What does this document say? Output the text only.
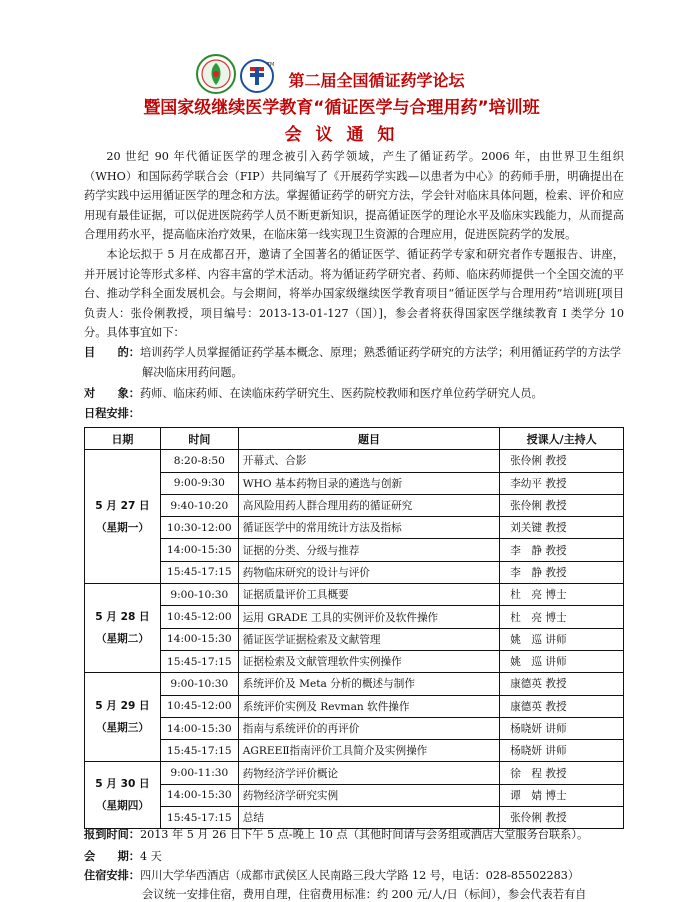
TM
第二届全国循证药学论坛
暨国家级继续医学教育“循证医学与合理用药”培训班
会 议 通 知

20 世纪 90 年代循证医学的理念被引入药学领域，产生了循证药学。2006 年，由世界卫生组织（WHO）和国际药学联合会（FIP）共同编写了《开展药学实践—以患者为中心》的药师手册，明确提出在药学实践中运用循证医学的理念和方法。掌握循证药学的研究方法，学会针对临床具体问题，检索、评价和应用现有最佳证据，可以促进医院药学人员不断更新知识，提高循证医学的理论水平及临床实践能力，从而提高合理用药水平，提高临床治疗效果，在临床第一线实现卫生资源的合理应用，促进医院药学的发展。

本论坛拟于 5 月在成都召开，邀请了全国著名的循证医学、循证药学专家和研究者作专题报告、讲座，并开展讨论等形式多样、内容丰富的学术活动。将为循证药学研究者、药师、临床药师提供一个全国交流的平台、推动学科全面发展机会。与会期间，将举办国家级继续医学教育项目“循证医学与合理用药”培训班[项目负责人：张伶俐教授，项目编号：2013-13-01-127（国）]，参会者将获得国家医学继续教育 I 类学分 10 分。具体事宜如下：

目　　的：培训药学人员掌握循证药学基本概念、原理；熟悉循证药学研究的方法学；利用循证药学的方法学解决临床用药问题。
对　　象：药师、临床药师、在读临床药学研究生、医药院校教师和医疗单位药学研究人员。
日程安排：
日期	时间	题目	授课人/主持人

5 月 27 日
（星期一）	8:20-8:50	开幕式、合影	张伶俐 教授
	9:00-9:30	WHO 基本药物目录的遴选与创新	李幼平 教授
	9:40-10:20	高风险用药人群合理用药的循证研究	张伶俐 教授
	10:30-12:00	循证医学中的常用统计方法及指标	刘关键 教授
	14:00-15:30	证据的分类、分级与推荐	李　静 教授
	15:45-17:15	药物临床研究的设计与评价	李　静 教授

5 月 28 日
（星期二）	9:00-10:30	证据质量评价工具概要	杜　亮 博士
	10:45-12:00	运用 GRADE 工具的实例评价及软件操作	杜　亮 博士
	14:00-15:30	循证医学证据检索及文献管理	姚　巡 讲师
	15:45-17:15	证据检索及文献管理软件实例操作	姚　巡 讲师

5 月 29 日
（星期三）	9:00-10:30	系统评价及 Meta 分析的概述与制作	康德英 教授
	10:45-12:00	系统评价实例及 Revman 软件操作	康德英 教授
	14:00-15:30	指南与系统评价的再评价	杨晓妍 讲师
	15:45-17:15	AGREEⅡ指南评价工具简介及实例操作	杨晓妍 讲师

5 月 30 日
（星期四）	9:00-11:30	药物经济学评价概论	徐　程 教授
	14:00-15:30	药物经济学研究实例	谭　婧 博士
	15:45-17:15	总结	张伶俐 教授
报到时间：2013 年 5 月 26 日下午 5 点-晚上 10 点（其他时间请与会务组或酒店大堂服务台联系）。
会　　期：4 天
住宿安排：四川大学华西酒店（成都市武侯区人民南路三段大学路 12 号，电话：028-85502283）
会议统一安排住宿，费用自理，住宿费用标准：约 200 元/人/日（标间），参会代表若有自
